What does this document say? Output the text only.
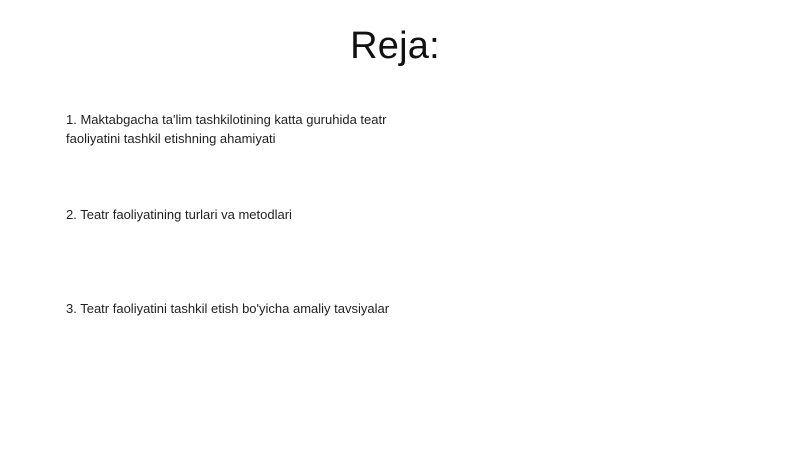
Reja:

1. Maktabgacha ta'lim tashkilotining katta guruhida teatr faoliyatini tashkil etishning ahamiyati

2. Teatr faoliyatining turlari va metodlari

3. Teatr faoliyatini tashkil etish bo'yicha amaliy tavsiyalar
